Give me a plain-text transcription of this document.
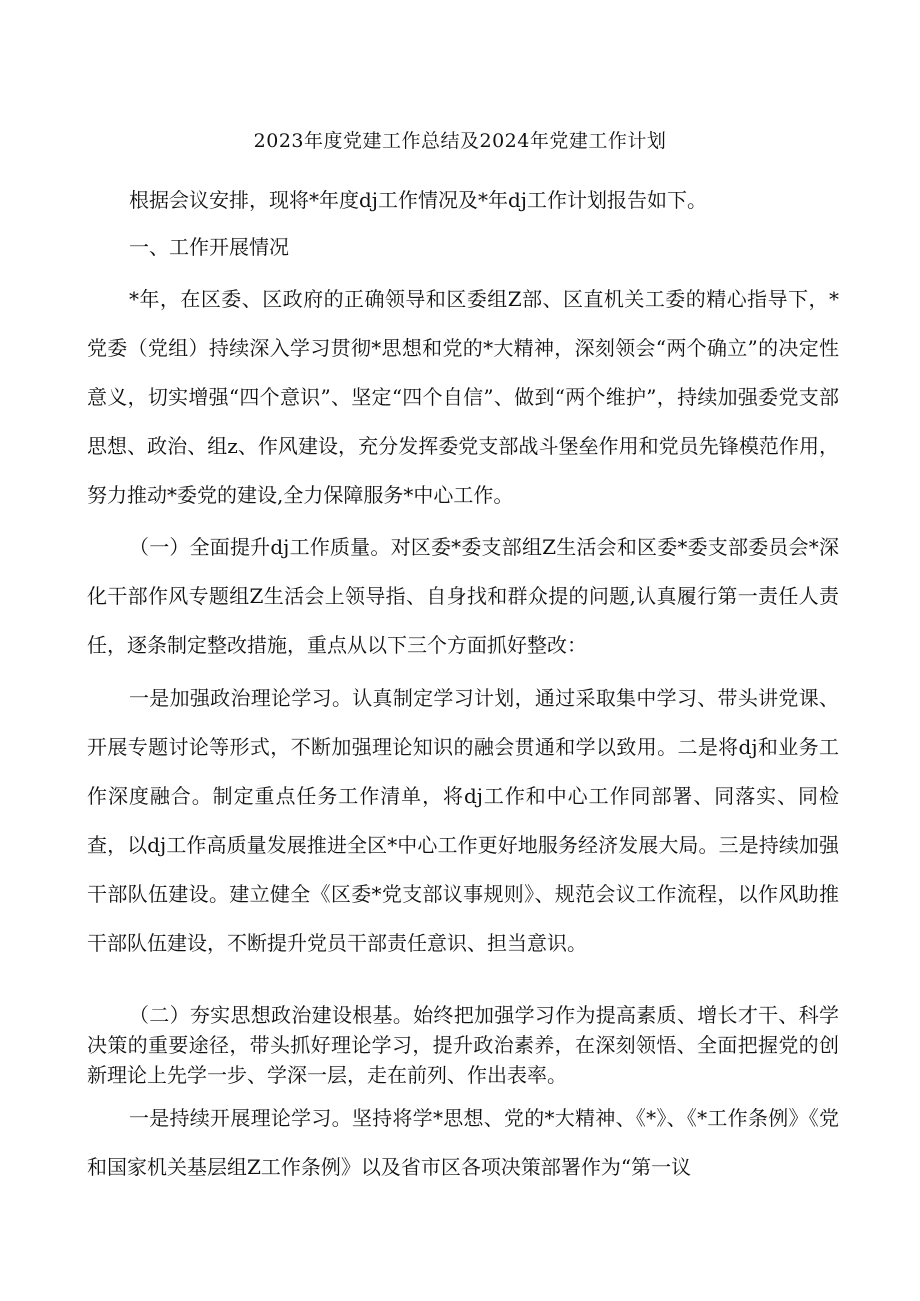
2023年度党建工作总结及2024年党建工作计划

根据会议安排，现将*年度dj工作情况及*年dj工作计划报告如下。

一、工作开展情况

*年，在区委、区政府的正确领导和区委组Z部、区直机关工委的精心指导下，*党委（党组）持续深入学习贯彻*思想和党的*大精神，深刻领会“两个确立”的决定性意义，切实增强“四个意识”、坚定“四个自信”、做到“两个维护”，持续加强委党支部思想、政治、组z、作风建设，充分发挥委党支部战斗堡垒作用和党员先锋模范作用，努力推动*委党的建设,全力保障服务*中心工作。

（一）全面提升dj工作质量。对区委*委支部组Z生活会和区委*委支部委员会*深化干部作风专题组Z生活会上领导指、自身找和群众提的问题,认真履行第一责任人责任，逐条制定整改措施，重点从以下三个方面抓好整改：

一是加强政治理论学习。认真制定学习计划，通过采取集中学习、带头讲党课、开展专题讨论等形式，不断加强理论知识的融会贯通和学以致用。二是将dj和业务工作深度融合。制定重点任务工作清单，将dj工作和中心工作同部署、同落实、同检查，以dj工作高质量发展推进全区*中心工作更好地服务经济发展大局。三是持续加强干部队伍建设。建立健全《区委*党支部议事规则》、规范会议工作流程，以作风助推干部队伍建设，不断提升党员干部责任意识、担当意识。

（二）夯实思想政治建设根基。始终把加强学习作为提高素质、增长才干、科学决策的重要途径，带头抓好理论学习，提升政治素养，在深刻领悟、全面把握党的创新理论上先学一步、学深一层，走在前列、作出表率。

一是持续开展理论学习。坚持将学*思想、党的*大精神、《*》、《*工作条例》《党和国家机关基层组Z工作条例》以及省市区各项决策部署作为“第一议
